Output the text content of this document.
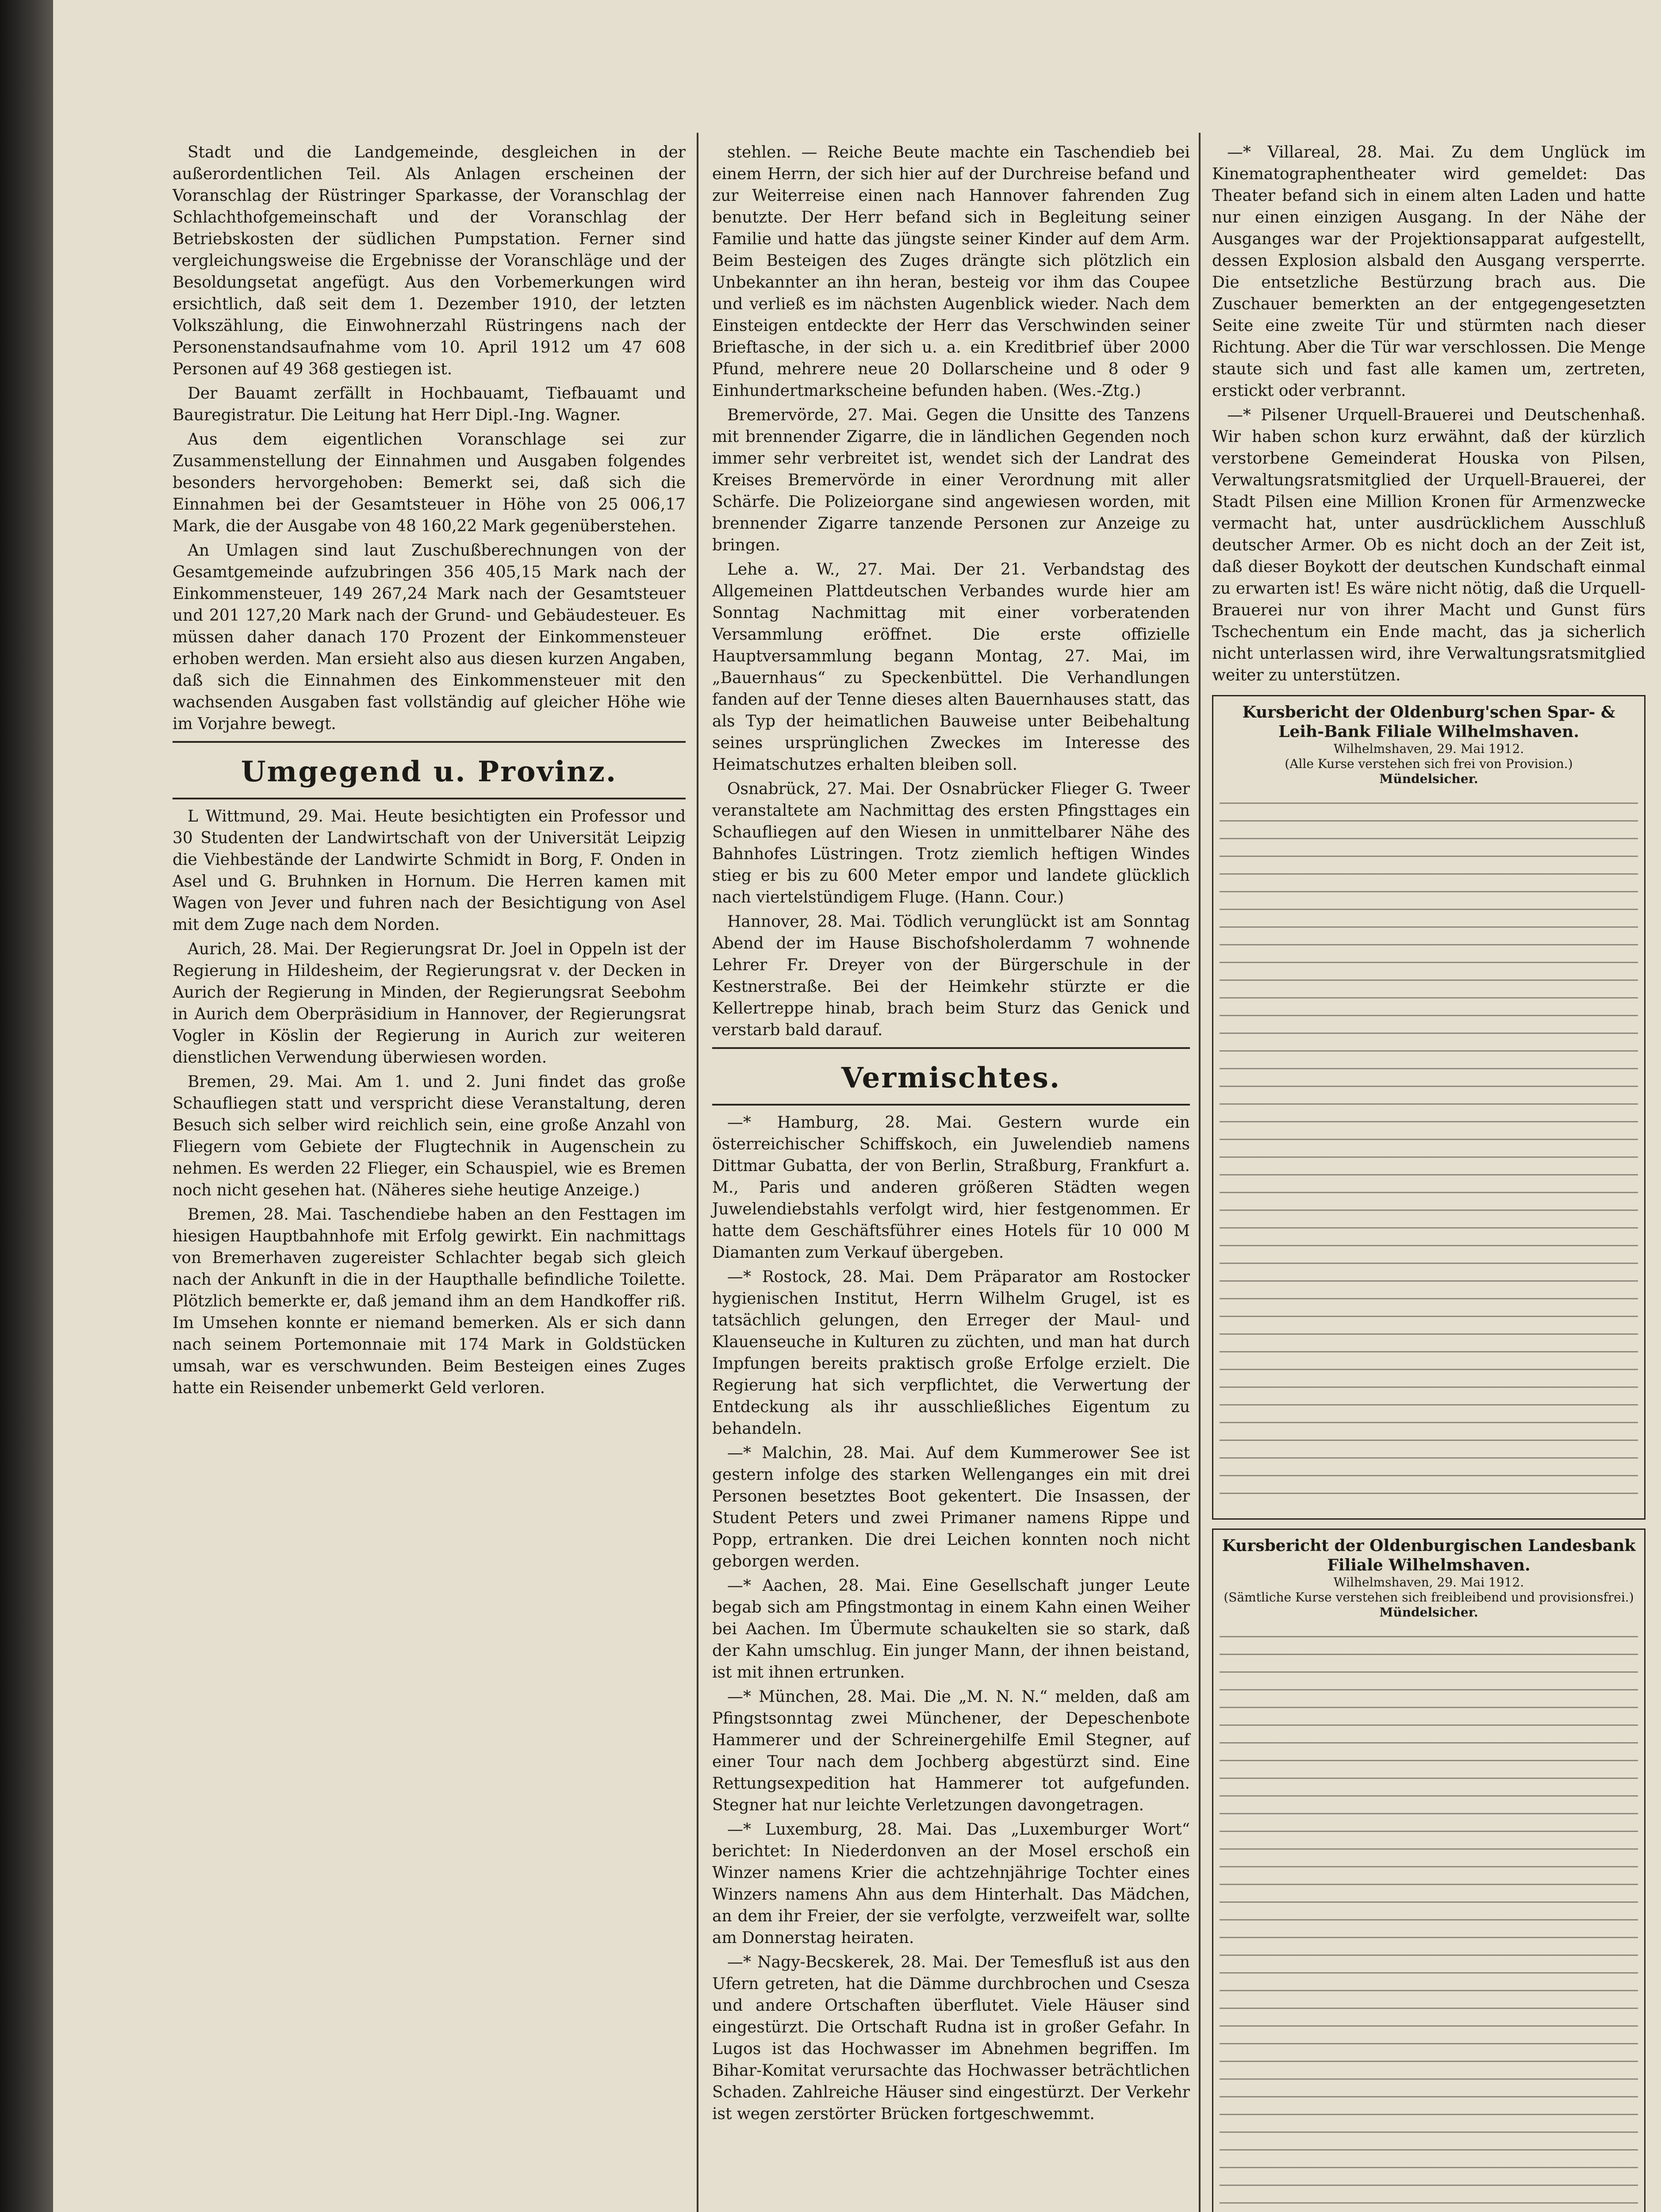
Stadt und die Landgemeinde, desgleichen in der außerordentlichen Teil. Als Anlagen erscheinen der Voranschlag der Rüstringer Sparkasse, der Voranschlag der Schlachthofgemeinschaft und der Voranschlag der Betriebskosten der südlichen Pumpstation. Ferner sind vergleichungsweise die Ergebnisse der Voranschläge und der Besoldungsetat angefügt. Aus den Vorbemerkungen wird ersichtlich, daß seit dem 1. Dezember 1910, der letzten Volkszählung, die Einwohnerzahl Rüstringens nach der Personenstandsaufnahme vom 10. April 1912 um 47 608 Personen auf 49 368 gestiegen ist.

Der Bauamt zerfällt in Hochbauamt, Tiefbauamt und Bauregistratur. Die Leitung hat Herr Dipl.-Ing. Wagner.

Aus dem eigentlichen Voranschlage sei zur Zusammenstellung der Einnahmen und Ausgaben folgendes besonders hervorgehoben: Bemerkt sei, daß sich die Einnahmen bei der Gesamtsteuer in Höhe von 25 006,17 Mark, die der Ausgabe von 48 160,22 Mark gegenüberstehen.

An Umlagen sind laut Zuschußberechnungen von der Gesamtgemeinde aufzubringen 356 405,15 Mark nach der Einkommensteuer, 149 267,24 Mark nach der Gesamtsteuer und 201 127,20 Mark nach der Grund- und Gebäudesteuer. Es müssen daher danach 170 Prozent der Einkommensteuer erhoben werden. Man ersieht also aus diesen kurzen Angaben, daß sich die Einnahmen des Einkommensteuer mit den wachsenden Ausgaben fast vollständig auf gleicher Höhe wie im Vorjahre bewegt.

Umgegend u. Provinz.

L Wittmund, 29. Mai. Heute besichtigten ein Professor und 30 Studenten der Landwirtschaft von der Universität Leipzig die Viehbestände der Landwirte Schmidt in Borg, F. Onden in Asel und G. Bruhnken in Hornum. Die Herren kamen mit Wagen von Jever und fuhren nach der Besichtigung von Asel mit dem Zuge nach dem Norden.

Aurich, 28. Mai. Der Regierungsrat Dr. Joel in Oppeln ist der Regierung in Hildesheim, der Regierungsrat v. der Decken in Aurich der Regierung in Minden, der Regierungsrat Seebohm in Aurich dem Oberpräsidium in Hannover, der Regierungsrat Vogler in Köslin der Regierung in Aurich zur weiteren dienstlichen Verwendung überwiesen worden.

Bremen, 29. Mai. Am 1. und 2. Juni findet das große Schaufliegen statt und verspricht diese Veranstaltung, deren Besuch sich selber wird reichlich sein, eine große Anzahl von Fliegern vom Gebiete der Flugtechnik in Augenschein zu nehmen. Es werden 22 Flieger, ein Schauspiel, wie es Bremen noch nicht gesehen hat. (Näheres siehe heutige Anzeige.)

Bremen, 28. Mai. Taschendiebe haben an den Festtagen im hiesigen Hauptbahnhofe mit Erfolg gewirkt. Ein nachmittags von Bremerhaven zugereister Schlachter begab sich gleich nach der Ankunft in die in der Haupthalle befindliche Toilette. Plötzlich bemerkte er, daß jemand ihm an dem Handkoffer riß. Im Umsehen konnte er niemand bemerken. Als er sich dann nach seinem Portemonnaie mit 174 Mark in Goldstücken umsah, war es verschwunden. Beim Besteigen eines Zuges hatte ein Reisender unbemerkt Geld verloren.

stehlen. — Reiche Beute machte ein Taschendieb bei einem Herrn, der sich hier auf der Durchreise befand und zur Weiterreise einen nach Hannover fahrenden Zug benutzte. Der Herr befand sich in Begleitung seiner Familie und hatte das jüngste seiner Kinder auf dem Arm. Beim Besteigen des Zuges drängte sich plötzlich ein Unbekannter an ihn heran, besteig vor ihm das Coupee und verließ es im nächsten Augenblick wieder. Nach dem Einsteigen entdeckte der Herr das Verschwinden seiner Brieftasche, in der sich u. a. ein Kreditbrief über 2000 Pfund, mehrere neue 20 Dollarscheine und 8 oder 9 Einhundertmarkscheine befunden haben. (Wes.-Ztg.)

Bremervörde, 27. Mai. Gegen die Unsitte des Tanzens mit brennender Zigarre, die in ländlichen Gegenden noch immer sehr verbreitet ist, wendet sich der Landrat des Kreises Bremervörde in einer Verordnung mit aller Schärfe. Die Polizeiorgane sind angewiesen worden, mit brennender Zigarre tanzende Personen zur Anzeige zu bringen.

Lehe a. W., 27. Mai. Der 21. Verbandstag des Allgemeinen Plattdeutschen Verbandes wurde hier am Sonntag Nachmittag mit einer vorberatenden Versammlung eröffnet. Die erste offizielle Hauptversammlung begann Montag, 27. Mai, im „Bauernhaus“ zu Speckenbüttel. Die Verhandlungen fanden auf der Tenne dieses alten Bauernhauses statt, das als Typ der heimatlichen Bauweise unter Beibehaltung seines ursprünglichen Zweckes im Interesse des Heimatschutzes erhalten bleiben soll.

Osnabrück, 27. Mai. Der Osnabrücker Flieger G. Tweer veranstaltete am Nachmittag des ersten Pfingsttages ein Schaufliegen auf den Wiesen in unmittelbarer Nähe des Bahnhofes Lüstringen. Trotz ziemlich heftigen Windes stieg er bis zu 600 Meter empor und landete glücklich nach viertelstündigem Fluge. (Hann. Cour.)

Hannover, 28. Mai. Tödlich verunglückt ist am Sonntag Abend der im Hause Bischofsholerdamm 7 wohnende Lehrer Fr. Dreyer von der Bürgerschule in der Kestnerstraße. Bei der Heimkehr stürzte er die Kellertreppe hinab, brach beim Sturz das Genick und verstarb bald darauf.

Vermischtes.

—* Hamburg, 28. Mai. Gestern wurde ein österreichischer Schiffskoch, ein Juwelendieb namens Dittmar Gubatta, der von Berlin, Straßburg, Frankfurt a. M., Paris und anderen größeren Städten wegen Juwelendiebstahls verfolgt wird, hier festgenommen. Er hatte dem Geschäftsführer eines Hotels für 10 000 M Diamanten zum Verkauf übergeben.

—* Rostock, 28. Mai. Dem Präparator am Rostocker hygienischen Institut, Herrn Wilhelm Grugel, ist es tatsächlich gelungen, den Erreger der Maul- und Klauenseuche in Kulturen zu züchten, und man hat durch Impfungen bereits praktisch große Erfolge erzielt. Die Regierung hat sich verpflichtet, die Verwertung der Entdeckung als ihr ausschließliches Eigentum zu behandeln.

—* Malchin, 28. Mai. Auf dem Kummerower See ist gestern infolge des starken Wellenganges ein mit drei Personen besetztes Boot gekentert. Die Insassen, der Student Peters und zwei Primaner namens Rippe und Popp, ertranken. Die drei Leichen konnten noch nicht geborgen werden.

—* Aachen, 28. Mai. Eine Gesellschaft junger Leute begab sich am Pfingstmontag in einem Kahn einen Weiher bei Aachen. Im Übermute schaukelten sie so stark, daß der Kahn umschlug. Ein junger Mann, der ihnen beistand, ist mit ihnen ertrunken.

—* München, 28. Mai. Die „M. N. N.“ melden, daß am Pfingstsonntag zwei Münchener, der Depeschenbote Hammerer und der Schreinergehilfe Emil Stegner, auf einer Tour nach dem Jochberg abgestürzt sind. Eine Rettungsexpedition hat Hammerer tot aufgefunden. Stegner hat nur leichte Verletzungen davongetragen.

—* Luxemburg, 28. Mai. Das „Luxemburger Wort“ berichtet: In Niederdonven an der Mosel erschoß ein Winzer namens Krier die achtzehnjährige Tochter eines Winzers namens Ahn aus dem Hinterhalt. Das Mädchen, an dem ihr Freier, der sie verfolgte, verzweifelt war, sollte am Donnerstag heiraten.

—* Nagy-Becskerek, 28. Mai. Der Temesfluß ist aus den Ufern getreten, hat die Dämme durchbrochen und Csesza und andere Ortschaften überflutet. Viele Häuser sind eingestürzt. Die Ortschaft Rudna ist in großer Gefahr. In Lugos ist das Hochwasser im Abnehmen begriffen. Im Bihar-Komitat verursachte das Hochwasser beträchtlichen Schaden. Zahlreiche Häuser sind eingestürzt. Der Verkehr ist wegen zerstörter Brücken fortgeschwemmt.

—* Villareal, 28. Mai. Zu dem Unglück im Kinematographentheater wird gemeldet: Das Theater befand sich in einem alten Laden und hatte nur einen einzigen Ausgang. In der Nähe der Ausganges war der Projektionsapparat aufgestellt, dessen Explosion alsbald den Ausgang versperrte. Die entsetzliche Bestürzung brach aus. Die Zuschauer bemerkten an der entgegengesetzten Seite eine zweite Tür und stürmten nach dieser Richtung. Aber die Tür war verschlossen. Die Menge staute sich und fast alle kamen um, zertreten, erstickt oder verbrannt.

—* Pilsener Urquell-Brauerei und Deutschenhaß. Wir haben schon kurz erwähnt, daß der kürzlich verstorbene Gemeinderat Houska von Pilsen, Verwaltungsratsmitglied der Urquell-Brauerei, der Stadt Pilsen eine Million Kronen für Armenzwecke vermacht hat, unter ausdrücklichem Ausschluß deutscher Armer. Ob es nicht doch an der Zeit ist, daß dieser Boykott der deutschen Kundschaft einmal zu erwarten ist! Es wäre nicht nötig, daß die Urquell-Brauerei nur von ihrer Macht und Gunst fürs Tschechentum ein Ende macht, das ja sicherlich nicht unterlassen wird, ihre Verwaltungsratsmitglied weiter zu unterstützen.

Kursbericht der Oldenburg'schen Spar- & Leih-Bank Filiale Wilhelmshaven.
Wilhelmshaven, 29. Mai 1912.
(Alle Kurse verstehen sich frei von Provision.)
Mündelsicher.
Kursbericht der Oldenburgischen Landesbank Filiale Wilhelmshaven.
Wilhelmshaven, 29. Mai 1912.
(Sämtliche Kurse verstehen sich freibleibend und provisionsfrei.)
Mündelsicher.
